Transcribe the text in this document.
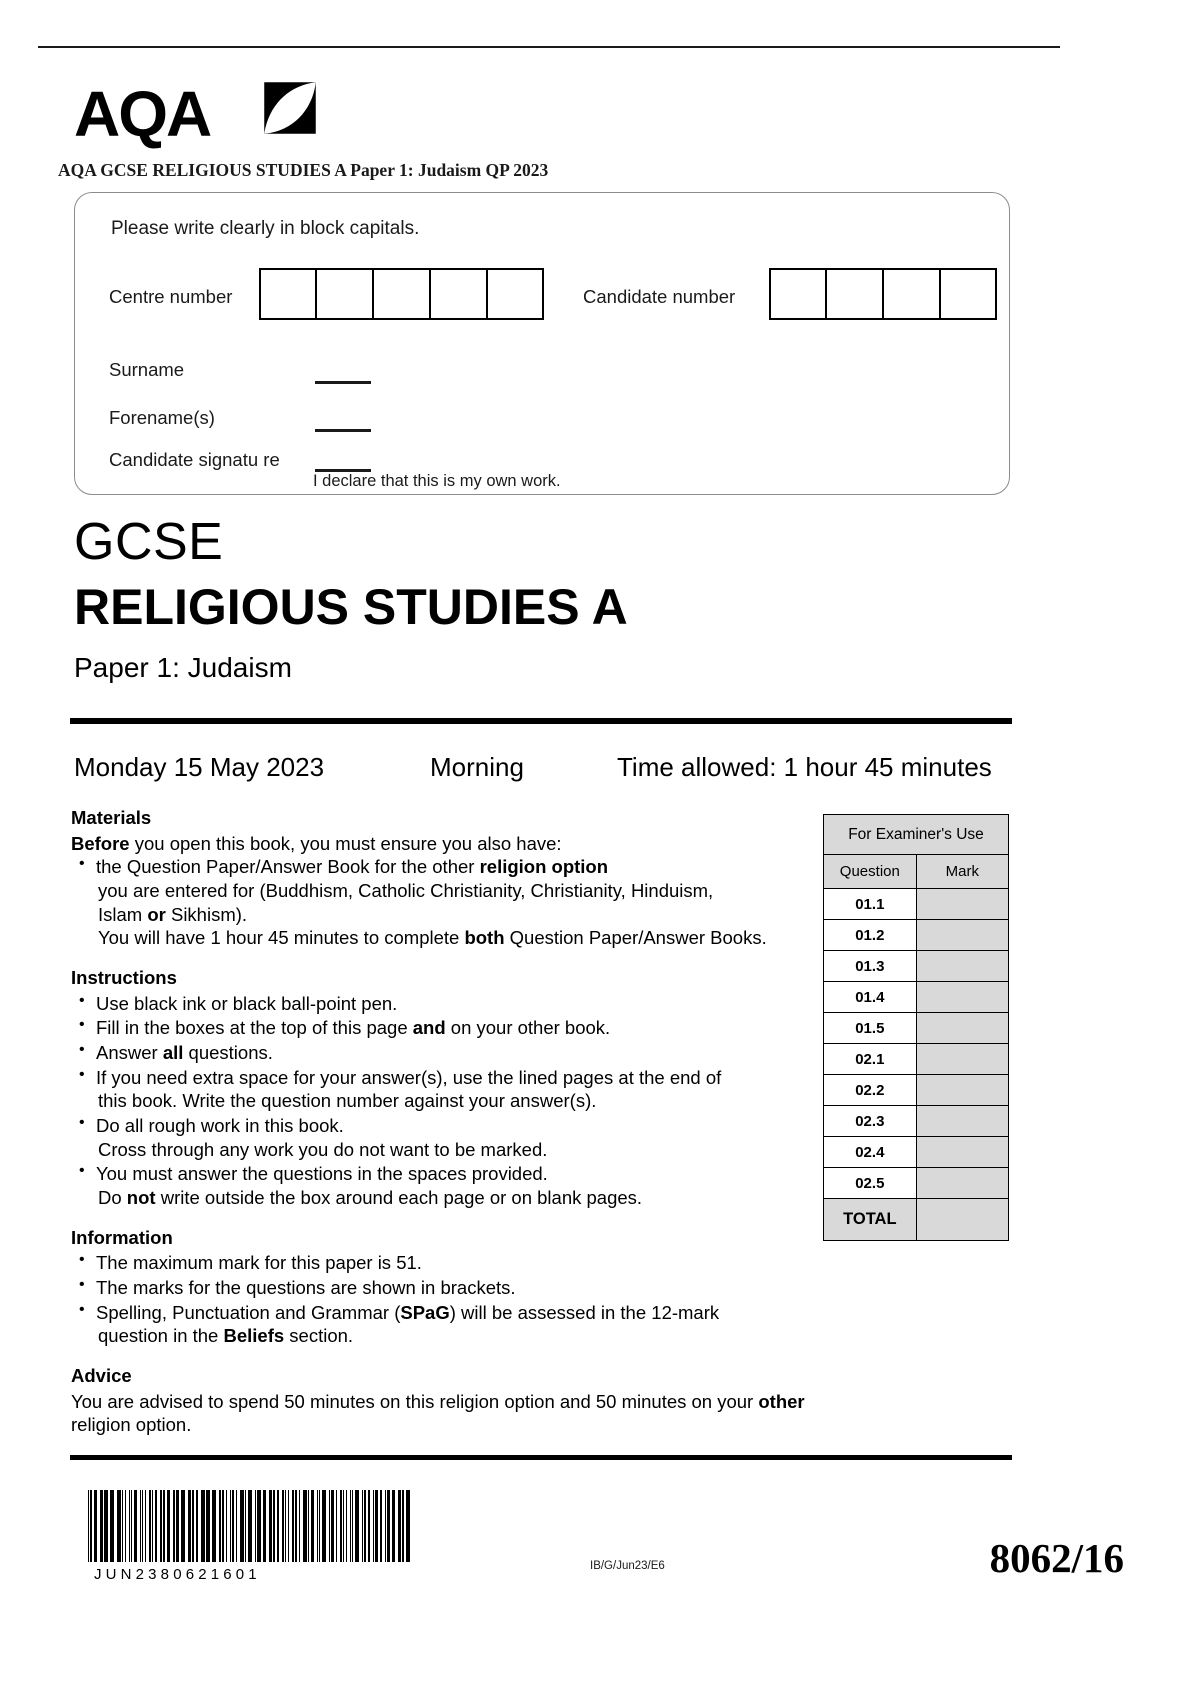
AQA
AQA GCSE RELIGIOUS STUDIES A Paper 1: Judaism QP 2023
Please write clearly in block capitals.
Centre number	Candidate number
Surname
Forename(s)
Candidate signatu re
I declare that this is my own work.
GCSE
RELIGIOUS STUDIES A
Paper 1: Judaism
Monday 15 May 2023	Morning	Time allowed: 1 hour 45 minutes
Materials
Before you open this book, you must ensure you also have:
• the Question Paper/Answer Book for the other religion option
you are entered for (Buddhism, Catholic Christianity, Christianity, Hinduism,
Islam or Sikhism).
You will have 1 hour 45 minutes to complete both Question Paper/Answer Books.
Instructions
• Use black ink or black ball-point pen.
• Fill in the boxes at the top of this page and on your other book.
• Answer all questions.
• If you need extra space for your answer(s), use the lined pages at the end of
this book. Write the question number against your answer(s).
• Do all rough work in this book.
Cross through any work you do not want to be marked.
• You must answer the questions in the spaces provided.
Do not write outside the box around each page or on blank pages.
Information
• The maximum mark for this paper is 51.
• The marks for the questions are shown in brackets.
• Spelling, Punctuation and Grammar (SPaG) will be assessed in the 12-mark
question in the Beliefs section.
Advice
You are advised to spend 50 minutes on this religion option and 50 minutes on your other religion option.
For Examiner's Use	
Question	Mark
01.1	
01.2	
01.3	
01.4	
01.5	
02.1	
02.2	
02.3	
02.4	
02.5	
TOTAL	
J U N 2 3 8 0 6 2 1 6 0 1	IB/G/Jun23/E6	8062/16
